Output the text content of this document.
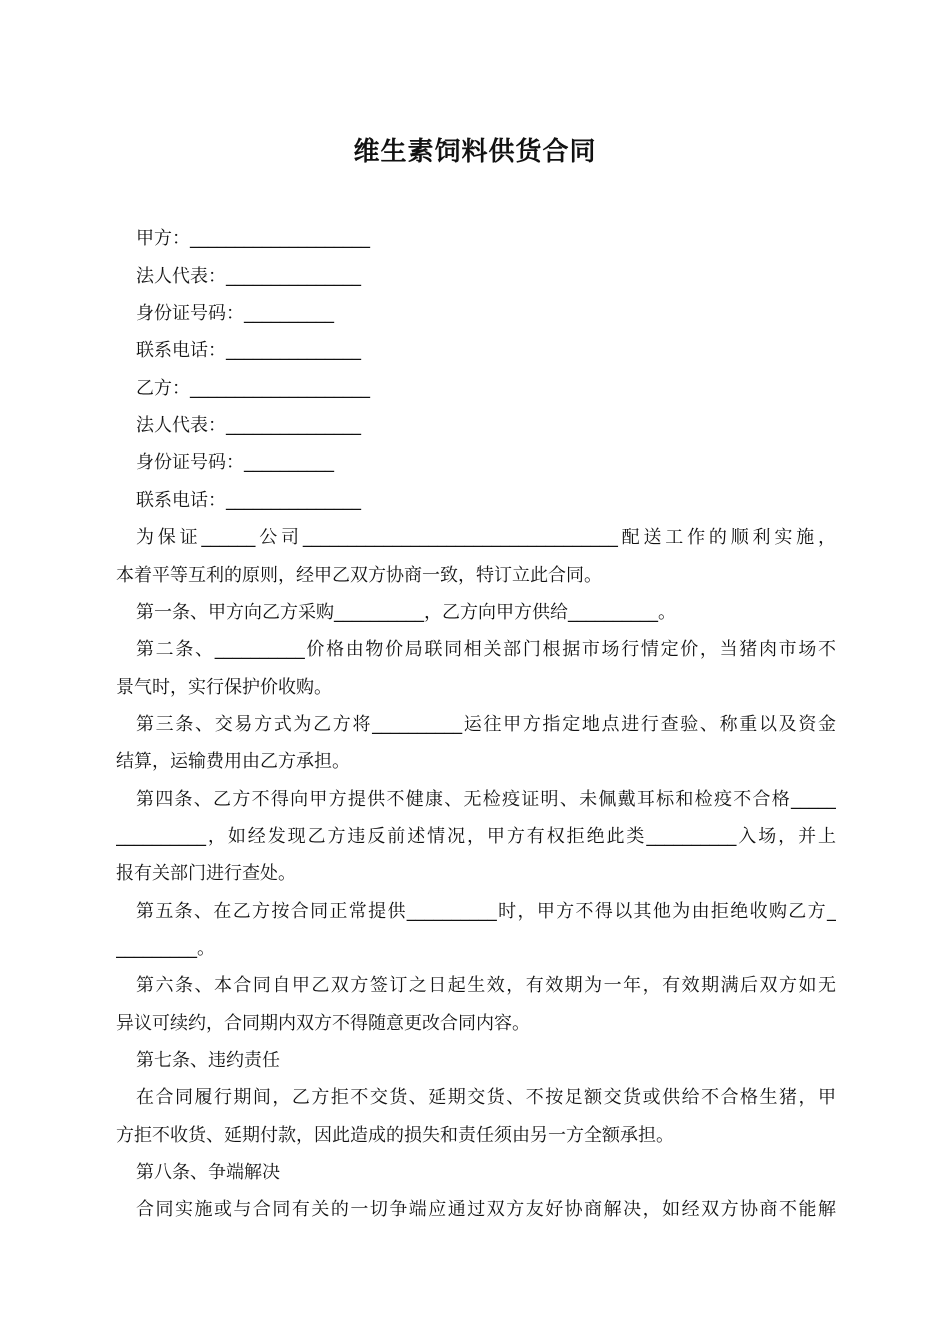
维生素饲料供货合同
甲方：____________________
法人代表：_______________
身份证号码：__________
联系电话：_______________
乙方：____________________
法人代表：_______________
身份证号码：__________
联系电话：_______________
为保证______公司___________________________________配送工作的顺利实施，
本着平等互利的原则，经甲乙双方协商一致，特订立此合同。
第一条、甲方向乙方采购__________，乙方向甲方供给__________。
第二条、__________价格由物价局联同相关部门根据市场行情定价，当猪肉市场不
景气时，实行保护价收购。
第三条、交易方式为乙方将__________运往甲方指定地点进行查验、称重以及资金
结算，运输费用由乙方承担。
第四条、乙方不得向甲方提供不健康、无检疫证明、未佩戴耳标和检疫不合格_____
__________，如经发现乙方违反前述情况，甲方有权拒绝此类__________入场，并上
报有关部门进行查处。
第五条、在乙方按合同正常提供__________时，甲方不得以其他为由拒绝收购乙方_
_________。
第六条、本合同自甲乙双方签订之日起生效，有效期为一年，有效期满后双方如无
异议可续约，合同期内双方不得随意更改合同内容。
第七条、违约责任
在合同履行期间，乙方拒不交货、延期交货、不按足额交货或供给不合格生猪，甲
方拒不收货、延期付款，因此造成的损失和责任须由另一方全额承担。
第八条、争端解决
合同实施或与合同有关的一切争端应通过双方友好协商解决，如经双方协商不能解
